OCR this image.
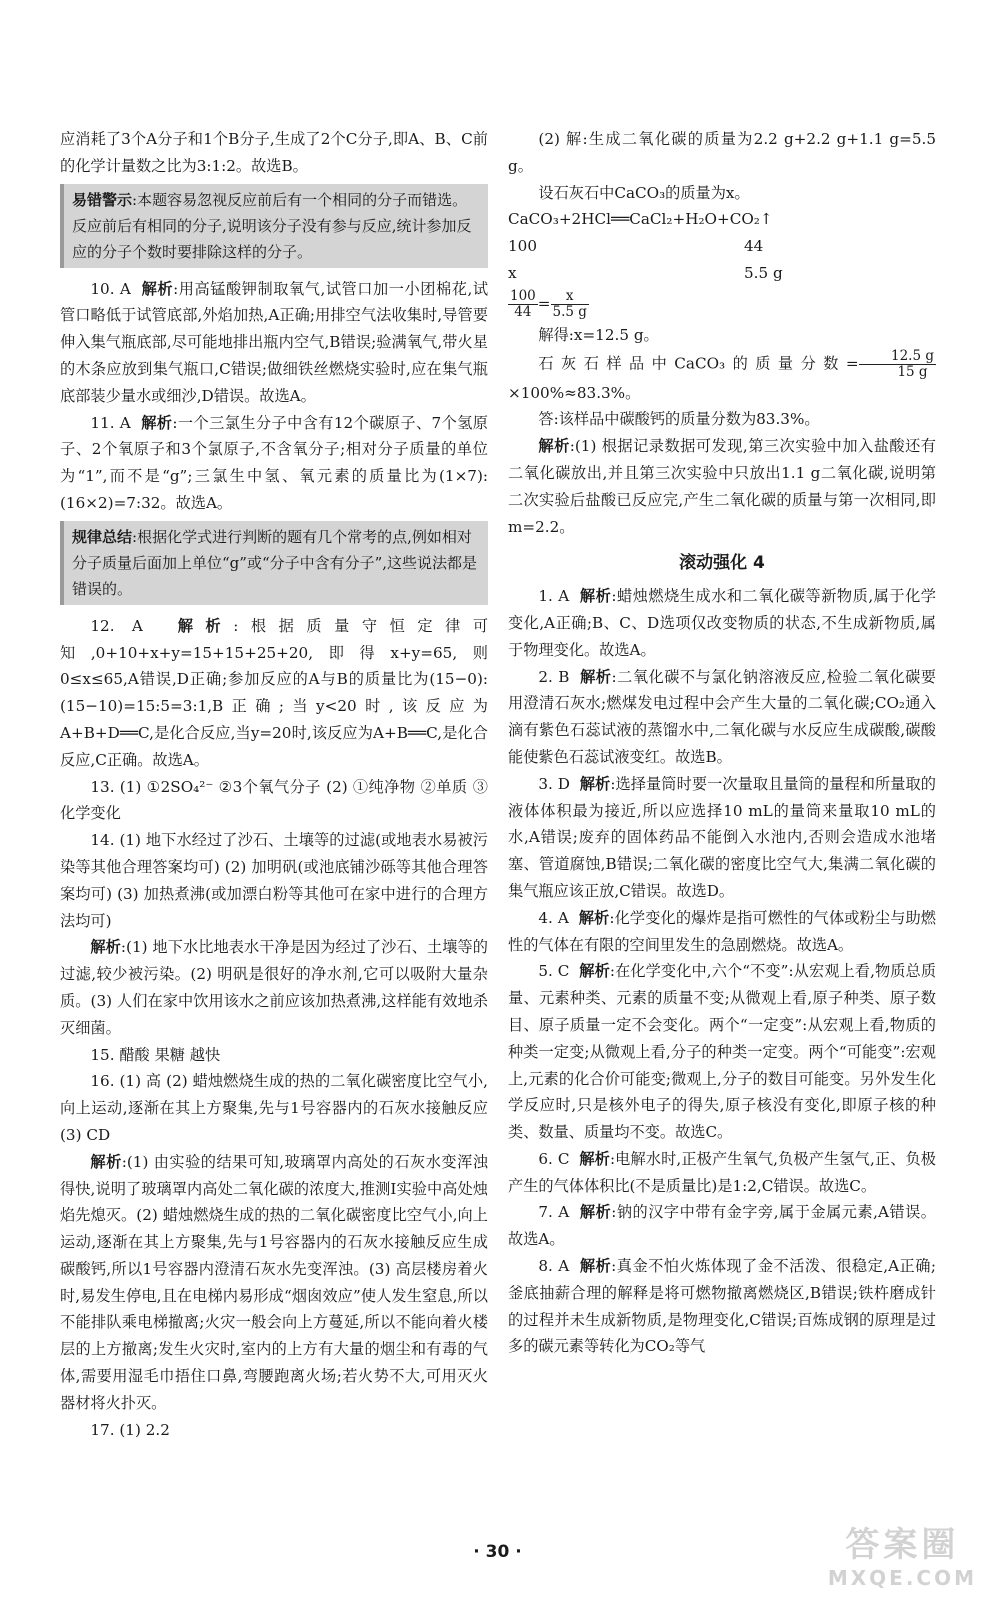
应消耗了3个A分子和1个B分子,生成了2个C分子,即A、B、C前的化学计量数之比为3:1:2。故选B。

易错警示:本题容易忽视反应前后有一个相同的分子而错选。反应前后有相同的分子,说明该分子没有参与反应,统计参加反应的分子个数时要排除这样的分子。

10. A 解析:用高锰酸钾制取氧气,试管口加一小团棉花,试管口略低于试管底部,外焰加热,A正确;用排空气法收集时,导管要伸入集气瓶底部,尽可能地排出瓶内空气,B错误;验满氧气,带火星的木条应放到集气瓶口,C错误;做细铁丝燃烧实验时,应在集气瓶底部装少量水或细沙,D错误。故选A。

11. A 解析:一个三氯生分子中含有12个碳原子、7个氢原子、2个氧原子和3个氯原子,不含氧分子;相对分子质量的单位为“1”,而不是“g”;三氯生中氢、氧元素的质量比为(1×7):(16×2)=7:32。故选A。

规律总结:根据化学式进行判断的题有几个常考的点,例如相对分子质量后面加上单位“g”或“分子中含有分子”,这些说法都是错误的。

12. A 解析:根据质量守恒定律可知,0+10+x+y=15+15+25+20,即得x+y=65,则0≤x≤65,A错误,D正确;参加反应的A与B的质量比为(15−0):(15−10)=15:5=3:1,B正确;当y<20时,该反应为A+B+D══C,是化合反应,当y=20时,该反应为A+B══C,是化合反应,C正确。故选A。

13. (1) ①2SO₄²⁻ ②3个氧气分子 (2) ①纯净物 ②单质 ③化学变化

14. (1) 地下水经过了沙石、土壤等的过滤(或地表水易被污染等其他合理答案均可) (2) 加明矾(或池底铺沙砾等其他合理答案均可) (3) 加热煮沸(或加漂白粉等其他可在家中进行的合理方法均可)

解析:(1) 地下水比地表水干净是因为经过了沙石、土壤等的过滤,较少被污染。(2) 明矾是很好的净水剂,它可以吸附大量杂质。(3) 人们在家中饮用该水之前应该加热煮沸,这样能有效地杀灭细菌。

15. 醋酸 果糖 越快

16. (1) 高 (2) 蜡烛燃烧生成的热的二氧化碳密度比空气小,向上运动,逐渐在其上方聚集,先与1号容器内的石灰水接触反应 (3) CD

解析:(1) 由实验的结果可知,玻璃罩内高处的石灰水变浑浊得快,说明了玻璃罩内高处二氧化碳的浓度大,推测Ⅰ实验中高处烛焰先熄灭。(2) 蜡烛燃烧生成的热的二氧化碳密度比空气小,向上运动,逐渐在其上方聚集,先与1号容器内的石灰水接触反应生成碳酸钙,所以1号容器内澄清石灰水先变浑浊。(3) 高层楼房着火时,易发生停电,且在电梯内易形成“烟囱效应”使人发生窒息,所以不能排队乘电梯撤离;火灾一般会向上方蔓延,所以不能向着火楼层的上方撤离;发生火灾时,室内的上方有大量的烟尘和有毒的气体,需要用湿毛巾捂住口鼻,弯腰跑离火场;若火势不大,可用灭火器材将火扑灭。

17. (1) 2.2

(2) 解:生成二氧化碳的质量为2.2 g+2.2 g+1.1 g=5.5 g。

设石灰石中CaCO₃的质量为x。

CaCO₃+2HCl══CaCl₂+H₂O+CO₂↑

100	44
x	5.5 g
$\frac{100}{44} = \frac{x}{5.5 g}$

解得:x=12.5 g。

石灰石样品中CaCO₃的质量分数= $\frac{12.5 g}{15 g}$
×100%≈83.3%。

答:该样品中碳酸钙的质量分数为83.3%。

解析:(1) 根据记录数据可发现,第三次实验中加入盐酸还有二氧化碳放出,并且第三次实验中只放出1.1 g二氧化碳,说明第二次实验后盐酸已反应完,产生二氧化碳的质量与第一次相同,即m=2.2。

滚动强化 4

1. A 解析:蜡烛燃烧生成水和二氧化碳等新物质,属于化学变化,A正确;B、C、D选项仅改变物质的状态,不生成新物质,属于物理变化。故选A。

2. B 解析:二氧化碳不与氯化钠溶液反应,检验二氧化碳要用澄清石灰水;燃煤发电过程中会产生大量的二氧化碳;CO₂通入滴有紫色石蕊试液的蒸馏水中,二氧化碳与水反应生成碳酸,碳酸能使紫色石蕊试液变红。故选B。

3. D 解析:选择量筒时要一次量取且量筒的量程和所量取的液体体积最为接近,所以应选择10 mL的量筒来量取10 mL的水,A错误;废弃的固体药品不能倒入水池内,否则会造成水池堵塞、管道腐蚀,B错误;二氧化碳的密度比空气大,集满二氧化碳的集气瓶应该正放,C错误。故选D。

4. A 解析:化学变化的爆炸是指可燃性的气体或粉尘与助燃性的气体在有限的空间里发生的急剧燃烧。故选A。

5. C 解析:在化学变化中,六个“不变”:从宏观上看,物质总质量、元素种类、元素的质量不变;从微观上看,原子种类、原子数目、原子质量一定不会变化。两个“一定变”:从宏观上看,物质的种类一定变;从微观上看,分子的种类一定变。两个“可能变”:宏观上,元素的化合价可能变;微观上,分子的数目可能变。另外发生化学反应时,只是核外电子的得失,原子核没有变化,即原子核的种类、数量、质量均不变。故选C。

6. C 解析:电解水时,正极产生氧气,负极产生氢气,正、负极产生的气体体积比(不是质量比)是1:2,C错误。故选C。

7. A 解析:钠的汉字中带有金字旁,属于金属元素,A错误。故选A。

8. A 解析:真金不怕火炼体现了金不活泼、很稳定,A正确;釜底抽薪合理的解释是将可燃物撤离燃烧区,B错误;铁杵磨成针的过程并未生成新物质,是物理变化,C错误;百炼成钢的原理是过多的碳元素等转化为CO₂等气

· 30 ·	答案圈
MXQE.COM
